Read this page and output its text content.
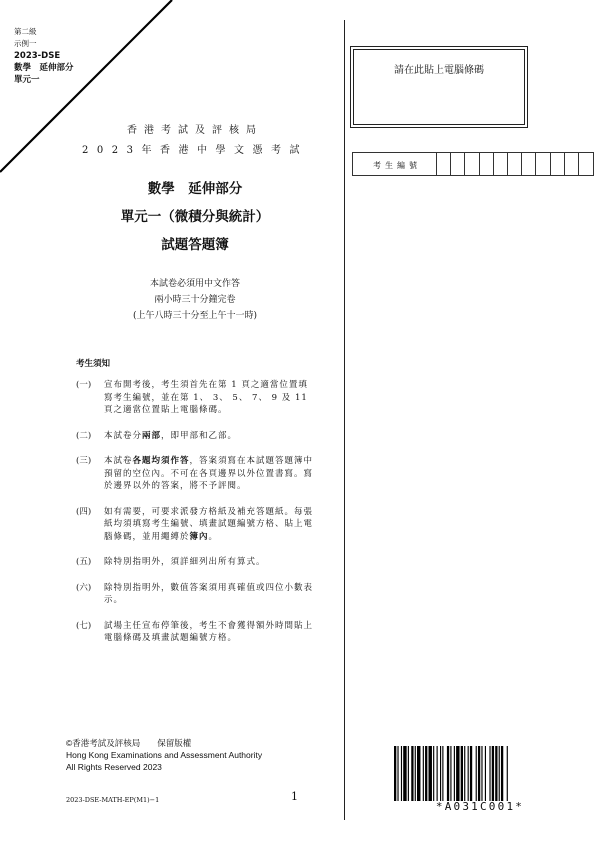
第二級
示例一
2023-DSE
數學　延伸部分
單元一
香港考試及評核局
2023年香港中學文憑考試
數學　延伸部分
單元一（微積分與統計）
試題答題簿
本試卷必須用中文作答
兩小時三十分鐘完卷
(上午八時三十分至上午十一時)
考生須知
(一)	宣布開考後，考生須首先在第 1 頁之適當位置填寫考生編號，並在第 1、 3、 5、 7、 9 及 11 頁之適當位置貼上電腦條碼。
(二)	本試卷分兩部，即甲部和乙部。
(三)	本試卷各題均須作答，答案須寫在本試題答題簿中預留的空位內。不可在各頁邊界以外位置書寫。寫於邊界以外的答案，將不予評閱。
(四)	如有需要，可要求派發方格紙及補充答題紙。每張紙均須填寫考生編號、填畫試題編號方格、貼上電腦條碼，並用繩縛於簿內。
(五)	除特別指明外，須詳細列出所有算式。
(六)	除特別指明外，數值答案須用真確值或四位小數表示。
(七)	試場主任宣布停筆後，考生不會獲得額外時間貼上電腦條碼及填畫試題編號方格。
©香港考試及評核局　　保留版權
Hong Kong Examinations and Assessment Authority
All Rights Reserved 2023
2023-DSE-MATH-EP(M1)−1	1
請在此貼上電腦條碼
考生編號
*A031C001*
